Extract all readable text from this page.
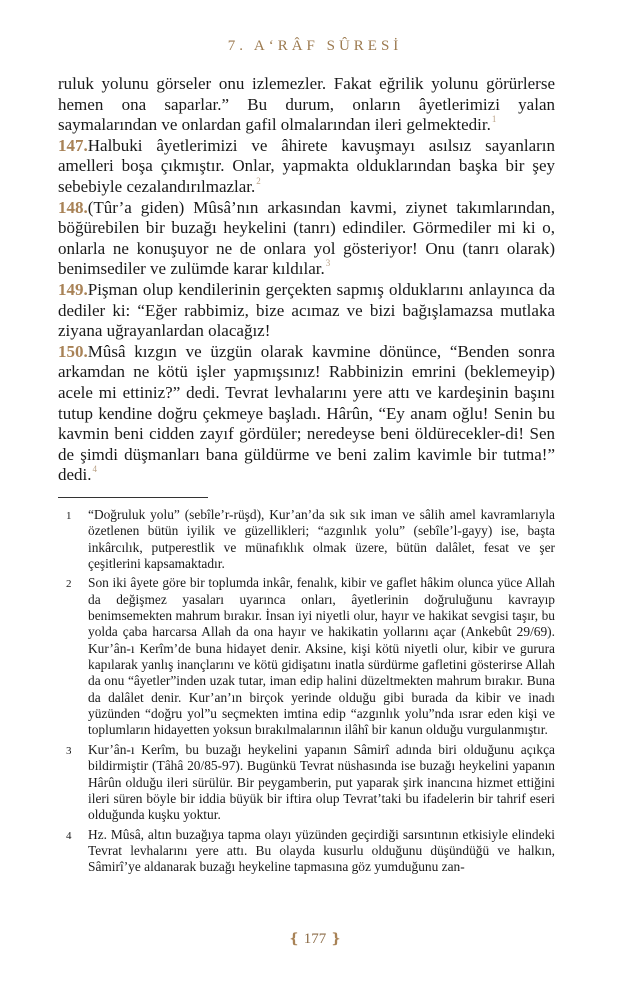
7. A‘RÂF SÛRESİ

ruluk yolunu görseler onu izlemezler. Fakat eğrilik yolunu görürlerse hemen ona saparlar.” Bu durum, onların âyetlerimizi yalan saymalarından ve onlardan gafil olmalarından ileri gelmektedir.$^1$

147.Halbuki âyetlerimizi ve âhirete kavuşmayı asılsız sayanların amelleri boşa çıkmıştır. Onlar, yapmakta olduklarından başka bir şey sebebiyle cezalandırılmazlar.$^2$

148.(Tûr’a giden) Mûsâ’nın arkasından kavmi, ziynet takımlarından, böğürebilen bir buzağı heykelini (tanrı) edindiler. Görmediler mi ki o, onlarla ne konuşuyor ne de onlara yol gösteriyor! Onu (tanrı olarak) benimsediler ve zulümde karar kıldılar.$^3$

149.Pişman olup kendilerinin gerçekten sapmış olduklarını anlayınca da dediler ki: “Eğer rabbimiz, bize acımaz ve bizi bağışlamazsa mutlaka ziyana uğrayanlardan olacağız!

150.Mûsâ kızgın ve üzgün olarak kavmine dönünce, “Benden sonra arkamdan ne kötü işler yapmışsınız! Rabbinizin emrini (beklemeyip) acele mi ettiniz?” dedi. Tevrat levhalarını yere attı ve kardeşinin başını tutup kendine doğru çekmeye başladı. Hârûn, “Ey anam oğlu! Senin bu kavmin beni cidden zayıf gördüler; neredeyse beni öldürecekler-di! Sen de şimdi düşmanları bana güldürme ve beni zalim kavimle bir tutma!” dedi.$^4$

1	“Doğruluk yolu” (sebîle’r-rüşd), Kur’an’da sık sık iman ve sâlih amel kavramlarıyla özetlenen bütün iyilik ve güzellikleri; “azgınlık yolu” (sebîle’l-gayy) ise, başta inkârcılık, putperestlik ve münafıklık olmak üzere, bütün dalâlet, fesat ve şer çeşitlerini kapsamaktadır.
2	Son iki âyete göre bir toplumda inkâr, fenalık, kibir ve gaflet hâkim olunca yüce Allah da değişmez yasaları uyarınca onları, âyetlerinin doğruluğunu kavrayıp benimsemekten mahrum bırakır. İnsan iyi niyetli olur, hayır ve hakikat sevgisi taşır, bu yolda çaba harcarsa Allah da ona hayır ve hakikatin yollarını açar (Ankebût 29/69). Kur’ân-ı Kerîm’de buna hidayet denir. Aksine, kişi kötü niyetli olur, kibir ve gurura kapılarak yanlış inançlarını ve kötü gidişatını inatla sürdürme gafletini gösterirse Allah da onu “âyetler”inden uzak tutar, iman edip halini düzeltmekten mahrum bırakır. Buna da dalâlet denir. Kur’an’ın birçok yerinde olduğu gibi burada da kibir ve inadı yüzünden “doğru yol”u seçmekten imtina edip “azgınlık yolu”nda ısrar eden kişi ve toplumların hidayetten yoksun bırakılmalarının ilâhî bir kanun olduğu vurgulanmıştır.
3	Kur’ân-ı Kerîm, bu buzağı heykelini yapanın Sâmirî adında biri olduğunu açıkça bildirmiştir (Tâhâ 20/85-97). Bugünkü Tevrat nüshasında ise buzağı heykelini yapanın Hârûn olduğu ileri sürülür. Bir peygamberin, put yaparak şirk inancına hizmet ettiğini ileri süren böyle bir iddia büyük bir iftira olup Tevrat’taki bu ifadelerin bir tahrif eseri olduğunda kuşku yoktur.
4	Hz. Mûsâ, altın buzağıya tapma olayı yüzünden geçirdiği sarsıntının etkisiyle elindeki Tevrat levhalarını yere attı. Bu olayda kusurlu olduğunu düşündüğü ve halkın, Sâmirî’ye aldanarak buzağı heykeline tapmasına göz yumduğunu zan-
❴ 177 ❵
